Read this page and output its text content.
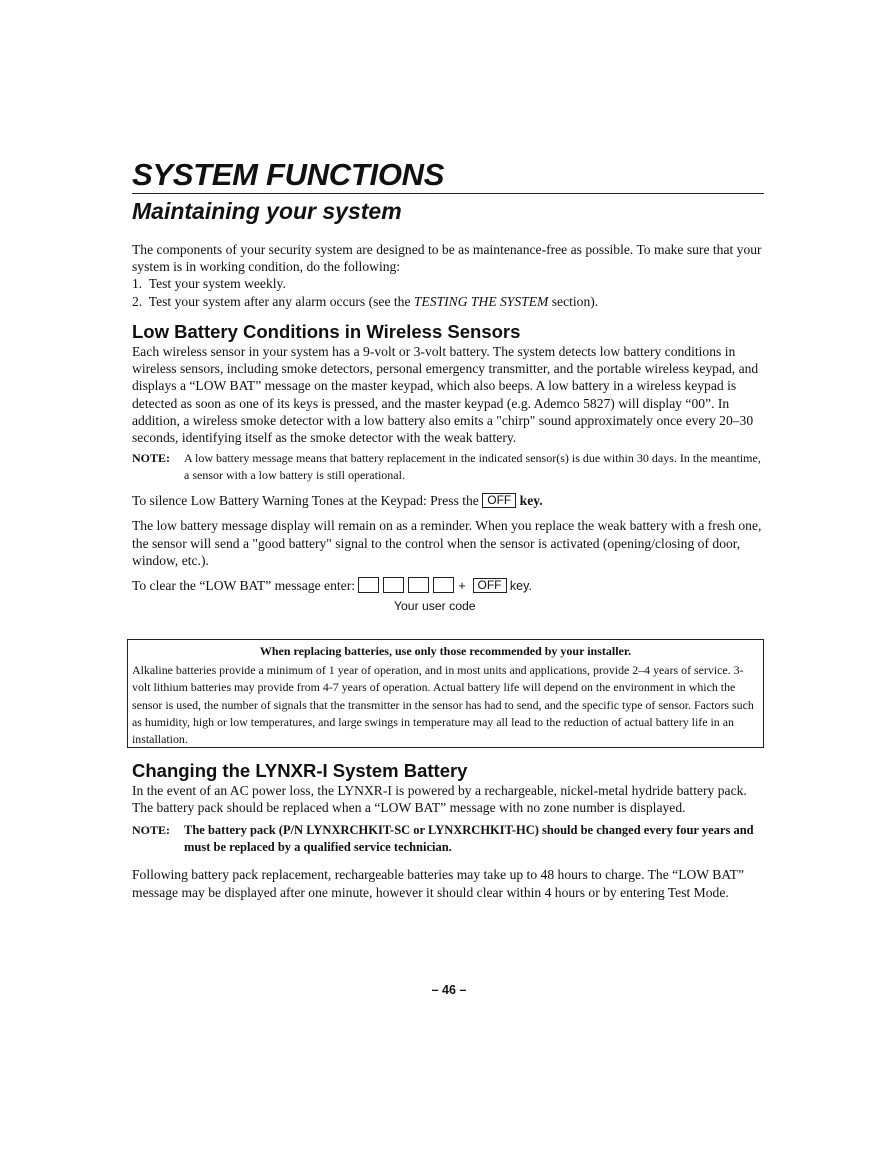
SYSTEM FUNCTIONS
Maintaining your system

The components of your security system are designed to be as maintenance-free as possible. To make sure that your system is in working condition, do the following:

1.  Test your system weekly.

2.  Test your system after any alarm occurs (see the TESTING THE SYSTEM section).

Low Battery Conditions in Wireless Sensors

Each wireless sensor in your system has a 9-volt or 3-volt battery. The system detects low battery conditions in wireless sensors, including smoke detectors, personal emergency transmitter, and the portable wireless keypad, and displays a “LOW BAT” message on the master keypad, which also beeps. A low battery in a wireless keypad is detected as soon as one of its keys is pressed, and the master keypad (e.g. Ademco 5827) will display “00”. In addition, a wireless smoke detector with a low battery also emits a "chirp" sound approximately once every 20–30 seconds, identifying itself as the smoke detector with the weak battery.

NOTE:	A low battery message means that battery replacement in the indicated sensor(s) is due within 30 days. In the meantime, a sensor with a low battery is still operational.

To silence Low Battery Warning Tones at the Keypad: Press the OFF key.

The low battery message display will remain on as a reminder. When you replace the weak battery with a fresh one, the sensor will send a "good battery" signal to the control when the sensor is activated (opening/closing of door, window, etc.).

To clear the “LOW BAT” message enter:	+ OFF key.

Your user code

When replacing batteries, use only those recommended by your installer.
Alkaline batteries provide a minimum of 1 year of operation, and in most units and applications, provide 2–4 years of service. 3-volt lithium batteries may provide from 4-7 years of operation. Actual battery life will depend on the environment in which the sensor is used, the number of signals that the transmitter in the sensor has had to send, and the specific type of sensor. Factors such as humidity, high or low temperatures, and large swings in temperature may all lead to the reduction of actual battery life in an installation.
Changing the LYNXR-I System Battery

In the event of an AC power loss, the LYNXR-I is powered by a rechargeable, nickel-metal hydride battery pack. The battery pack should be replaced when a “LOW BAT” message with no zone number is displayed.

NOTE:	The battery pack (P/N LYNXRCHKIT-SC or LYNXRCHKIT-HC) should be changed every four years and must be replaced by a qualified service technician.

Following battery pack replacement, rechargeable batteries may take up to 48 hours to charge. The “LOW BAT” message may be displayed after one minute, however it should clear within 4 hours or by entering Test Mode.

– 46 –
